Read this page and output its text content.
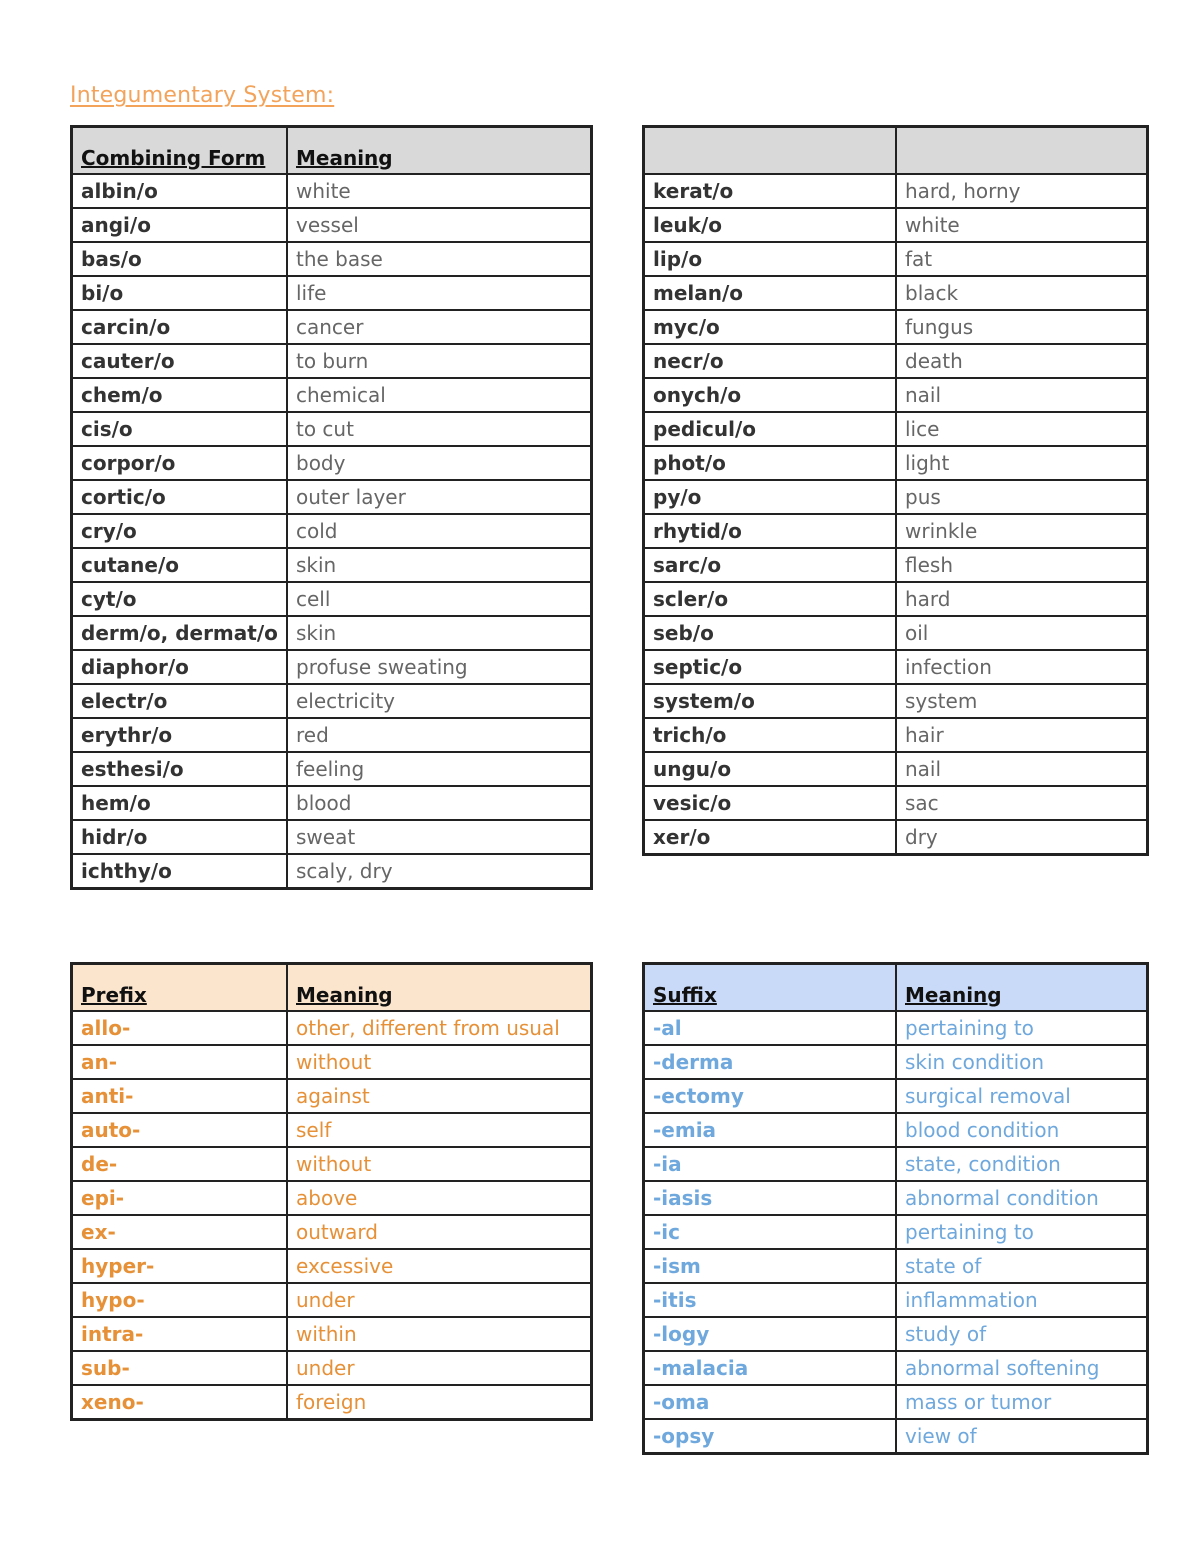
Integumentary System:
Combining Form	Meaning
albin/o	white
angi/o	vessel
bas/o	the base
bi/o	life
carcin/o	cancer
cauter/o	to burn
chem/o	chemical
cis/o	to cut
corpor/o	body
cortic/o	outer layer
cry/o	cold
cutane/o	skin
cyt/o	cell
derm/o, dermat/o	skin
diaphor/o	profuse sweating
electr/o	electricity
erythr/o	red
esthesi/o	feeling
hem/o	blood
hidr/o	sweat
ichthy/o	scaly, dry

kerat/o	hard, horny
leuk/o	white
lip/o	fat
melan/o	black
myc/o	fungus
necr/o	death
onych/o	nail
pedicul/o	lice
phot/o	light
py/o	pus
rhytid/o	wrinkle
sarc/o	flesh
scler/o	hard
seb/o	oil
septic/o	infection
system/o	system
trich/o	hair
ungu/o	nail
vesic/o	sac
xer/o	dry
Prefix	Meaning
allo-	other, different from usual
an-	without
anti-	against
auto-	self
de-	without
epi-	above
ex-	outward
hyper-	excessive
hypo-	under
intra-	within
sub-	under
xeno-	foreign
Suffix	Meaning
-al	pertaining to
-derma	skin condition
-ectomy	surgical removal
-emia	blood condition
-ia	state, condition
-iasis	abnormal condition
-ic	pertaining to
-ism	state of
-itis	inflammation
-logy	study of
-malacia	abnormal softening
-oma	mass or tumor
-opsy	view of
